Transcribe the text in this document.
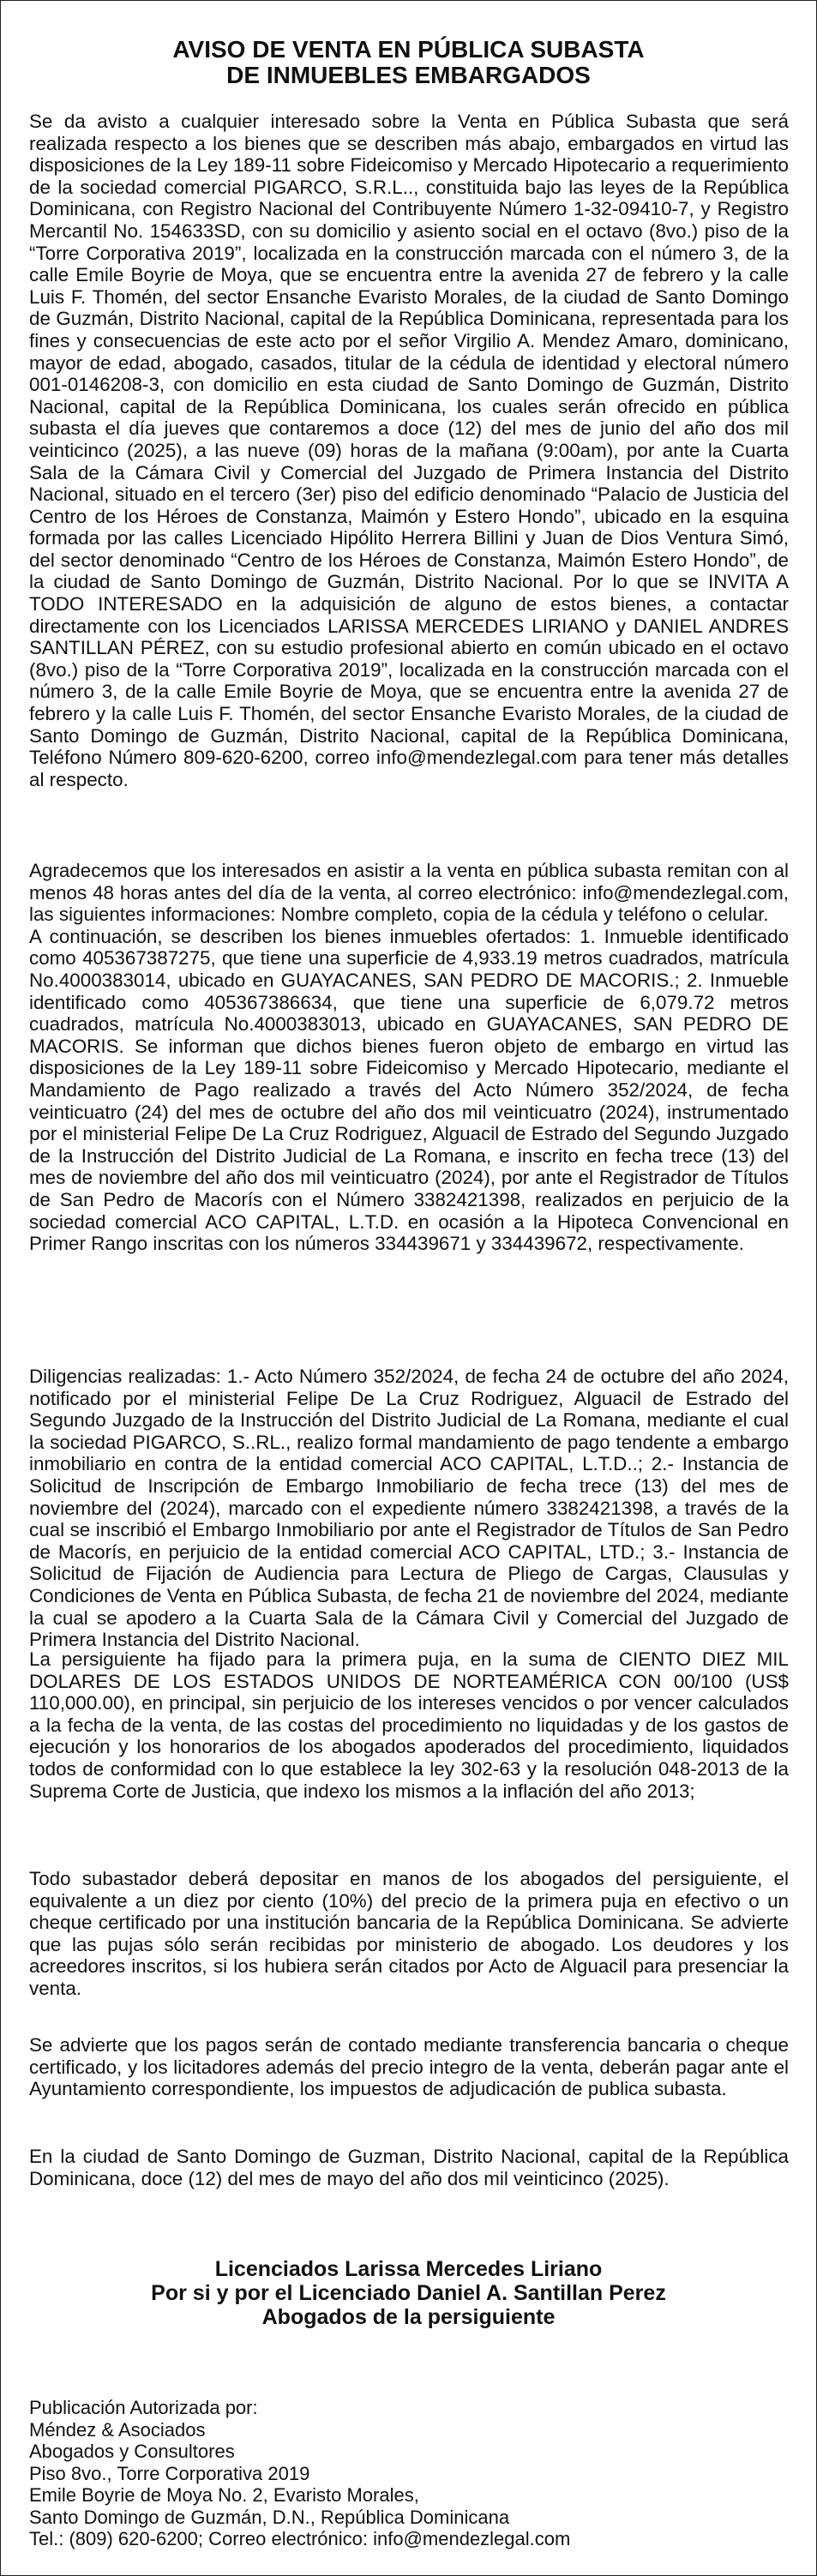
AVISO DE VENTA EN PÚBLICA SUBASTA
DE INMUEBLES EMBARGADOS

Se da avisto a cualquier interesado sobre la Venta en Pública Subasta que será realizada respecto a los bienes que se describen más abajo, embargados en virtud las disposiciones de la Ley 189-11 sobre Fideicomiso y Mercado Hipotecario a requerimiento de la sociedad comercial PIGARCO, S.R.L.., constituida bajo las leyes de la República Dominicana, con Registro Nacional del Contribuyente Número 1-32-09410-7, y Registro Mercantil No. 154633SD, con su domicilio y asiento social en el octavo (8vo.) piso de la “Torre Corporativa 2019”, localizada en la construcción marcada con el número 3, de la calle Emile Boyrie de Moya, que se encuentra entre la avenida 27 de febrero y la calle Luis F. Thomén, del sector Ensanche Evaristo Morales, de la ciudad de Santo Domingo de Guzmán, Distrito Nacional, capital de la República Dominicana, representada para los fines y consecuencias de este acto por el señor Virgilio A. Mendez Amaro, dominicano, mayor de edad, abogado, casados, titular de la cédula de identidad y electoral número 001-0146208-3, con domicilio en esta ciudad de Santo Domingo de Guzmán, Distrito Nacional, capital de la República Dominicana, los cuales serán ofrecido en pública subasta el día jueves que contaremos a doce (12) del mes de junio del año dos mil veinticinco (2025), a las nueve (09) horas de la mañana (9:00am), por ante la Cuarta Sala de la Cámara Civil y Comercial del Juzgado de Primera Instancia del Distrito Nacional, situado en el tercero (3er) piso del edificio denominado “Palacio de Justicia del Centro de los Héroes de Constanza, Maimón y Estero Hondo”, ubicado en la esquina formada por las calles Licenciado Hipólito Herrera Billini y Juan de Dios Ventura Simó, del sector denominado “Centro de los Héroes de Constanza, Maimón Estero Hondo”, de la ciudad de Santo Domingo de Guzmán, Distrito Nacional. Por lo que se INVITA A TODO INTERESADO en la adquisición de alguno de estos bienes, a contactar directamente con los Licenciados LARISSA MERCEDES LIRIANO y DANIEL ANDRES SANTILLAN PÉREZ, con su estudio profesional abierto en común ubicado en el octavo (8vo.) piso de la “Torre Corporativa 2019”, localizada en la construcción marcada con el número 3, de la calle Emile Boyrie de Moya, que se encuentra entre la avenida 27 de febrero y la calle Luis F. Thomén, del sector Ensanche Evaristo Morales, de la ciudad de Santo Domingo de Guzmán, Distrito Nacional, capital de la República Dominicana, Teléfono Número 809-620-6200, correo info@mendezlegal.com para tener más detalles al respecto.

Agradecemos que los interesados en asistir a la venta en pública subasta remitan con al menos 48 horas antes del día de la venta, al correo electrónico: info@mendezlegal.com, las siguientes informaciones: Nombre completo, copia de la cédula y teléfono o celular.

A continuación, se describen los bienes inmuebles ofertados: 1. Inmueble identificado como 405367387275, que tiene una superficie de 4,933.19 metros cuadrados, matrícula No.4000383014, ubicado en GUAYACANES, SAN PEDRO DE MACORIS.; 2. Inmueble identificado como 405367386634, que tiene una superficie de 6,079.72 metros cuadrados, matrícula No.4000383013, ubicado en GUAYACANES, SAN PEDRO DE MACORIS. Se informan que dichos bienes fueron objeto de embargo en virtud las disposiciones de la Ley 189-11 sobre Fideicomiso y Mercado Hipotecario, mediante el Mandamiento de Pago realizado a través del Acto Número 352/2024, de fecha veinticuatro (24) del mes de octubre del año dos mil veinticuatro (2024), instrumentado por el ministerial Felipe De La Cruz Rodriguez, Alguacil de Estrado del Segundo Juzgado de la Instrucción del Distrito Judicial de La Romana, e inscrito en fecha trece (13) del mes de noviembre del año dos mil veinticuatro (2024), por ante el Registrador de Títulos de San Pedro de Macorís con el Número 3382421398, realizados en perjuicio de la sociedad comercial ACO CAPITAL, L.T.D. en ocasión a la Hipoteca Convencional en Primer Rango inscritas con los números 334439671 y 334439672, respectivamente.

Diligencias realizadas: 1.- Acto Número 352/2024, de fecha 24 de octubre del año 2024, notificado por el ministerial Felipe De La Cruz Rodriguez, Alguacil de Estrado del Segundo Juzgado de la Instrucción del Distrito Judicial de La Romana, mediante el cual la sociedad PIGARCO, S..RL., realizo formal mandamiento de pago tendente a embargo inmobiliario en contra de la entidad comercial ACO CAPITAL, L.T.D..; 2.- Instancia de Solicitud de Inscripción de Embargo Inmobiliario de fecha trece (13) del mes de noviembre del (2024), marcado con el expediente número 3382421398, a través de la cual se inscribió el Embargo Inmobiliario por ante el Registrador de Títulos de San Pedro de Macorís, en perjuicio de la entidad comercial ACO CAPITAL, LTD.; 3.- Instancia de Solicitud de Fijación de Audiencia para Lectura de Pliego de Cargas, Clausulas y Condiciones de Venta en Pública Subasta, de fecha 21 de noviembre del 2024, mediante la cual se apodero a la Cuarta Sala de la Cámara Civil y Comercial del Juzgado de Primera Instancia del Distrito Nacional.

La persiguiente ha fijado para la primera puja, en la suma de CIENTO DIEZ MIL DOLARES DE LOS ESTADOS UNIDOS DE NORTEAMÉRICA CON 00/100 (US$ 110,000.00), en principal, sin perjuicio de los intereses vencidos o por vencer calculados a la fecha de la venta, de las costas del procedimiento no liquidadas y de los gastos de ejecución y los honorarios de los abogados apoderados del procedimiento, liquidados todos de conformidad con lo que establece la ley 302-63 y la resolución 048-2013 de la Suprema Corte de Justicia, que indexo los mismos a la inflación del año 2013;

Todo subastador deberá depositar en manos de los abogados del persiguiente, el equivalente a un diez por ciento (10%) del precio de la primera puja en efectivo o un cheque certificado por una institución bancaria de la República Dominicana. Se advierte que las pujas sólo serán recibidas por ministerio de abogado. Los deudores y los acreedores inscritos, si los hubiera serán citados por Acto de Alguacil para presenciar la venta.

Se advierte que los pagos serán de contado mediante transferencia bancaria o cheque certificado, y los licitadores además del precio integro de la venta, deberán pagar ante el Ayuntamiento correspondiente, los impuestos de adjudicación de publica subasta.

En la ciudad de Santo Domingo de Guzman, Distrito Nacional, capital de la República Dominicana, doce (12) del mes de mayo del año dos mil veinticinco (2025).

Licenciados Larissa Mercedes Liriano
Por si y por el Licenciado Daniel A. Santillan Perez
Abogados de la persiguiente
Publicación Autorizada por:
Méndez & Asociados
Abogados y Consultores
Piso 8vo., Torre Corporativa 2019
Emile Boyrie de Moya No. 2, Evaristo Morales,
Santo Domingo de Guzmán, D.N., República Dominicana
Tel.: (809) 620-6200; Correo electrónico: info@mendezlegal.com
